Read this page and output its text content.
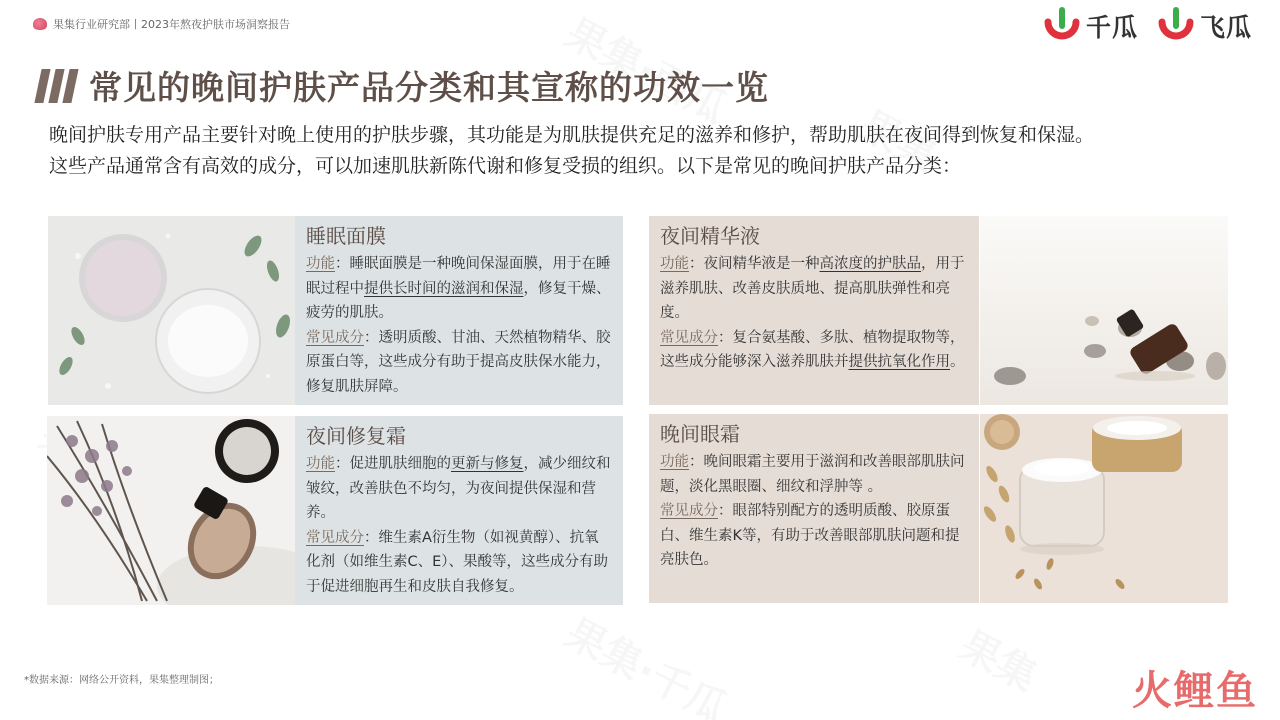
果集行业研究部丨2023年熬夜护肤市场洞察报告	千瓜 飞瓜
常见的晚间护肤产品分类和其宣称的功效一览
晚间护肤专用产品主要针对晚上使用的护肤步骤，其功能是为肌肤提供充足的滋养和修护，帮助肌肤在夜间得到恢复和保湿。
这些产品通常含有高效的成分，可以加速肌肤新陈代谢和修复受损的组织。以下是常见的晚间护肤产品分类：
睡眠面膜
功能：睡眠面膜是一种晚间保湿面膜，用于在睡眠过程中提供长时间的滋润和保湿，修复干燥、疲劳的肌肤。
常见成分：透明质酸、甘油、天然植物精华、胶原蛋白等，这些成分有助于提高皮肤保水能力，修复肌肤屏障。
夜间精华液
功能：夜间精华液是一种高浓度的护肤品，用于滋养肌肤、改善皮肤质地、提高肌肤弹性和亮度。
常见成分：复合氨基酸、多肽、植物提取物等，这些成分能够深入滋养肌肤并提供抗氧化作用。
夜间修复霜
功能：促进肌肤细胞的更新与修复，减少细纹和皱纹，改善肤色不均匀，为夜间提供保湿和营养。
常见成分：维生素A衍生物（如视黄醇）、抗氧化剂（如维生素C、E）、果酸等，这些成分有助于促进细胞再生和皮肤自我修复。
晚间眼霜
功能：晚间眼霜主要用于滋润和改善眼部肌肤问题，淡化黑眼圈、细纹和浮肿等 。
常见成分：眼部特别配方的透明质酸、胶原蛋白、维生素K等，有助于改善眼部肌肤问题和提亮肤色。
*数据来源：网络公开资料，果集整理制图；	火鲤鱼
